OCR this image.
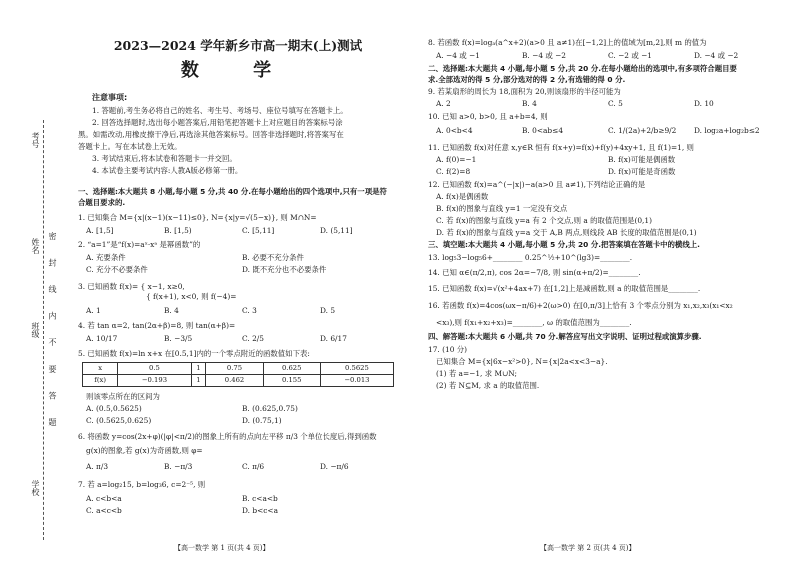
考号
姓名
班级
学校
密 封 线 内 不 要 答 题
2023—2024 学年新乡市高一期末(上)测试
数 学
注意事项:
1. 答题前,考生务必将自己的姓名、考生号、考场号、座位号填写在答题卡上。
2. 回答选择题时,选出每小题答案后,用铅笔把答题卡上对应题目的答案标号涂
黑。如需改动,用橡皮擦干净后,再选涂其他答案标号。回答非选择题时,将答案写在
答题卡上。写在本试卷上无效。
3. 考试结束后,将本试卷和答题卡一并交回。
4. 本试卷主要考试内容:人教A版必修第一册。
一、选择题:本大题共 8 小题,每小题 5 分,共 40 分.在每小题给出的四个选项中,只有一项是符
合题目要求的.
1. 已知集合 M={x|(x−1)(x−11)≤0}, N={x|y=√(5−x)}, 则 M∩N=
A. [1,5]	B. [1,5)	C. [5,11]	D. (5,11]
2. “a=1”是“f(x)=aˣ·xᵃ 是幂函数”的
A. 充要条件	B. 必要不充分条件
C. 充分不必要条件	D. 既不充分也不必要条件
3. 已知函数 f(x)= { x−1, x≥0,
{ f(x+1), x<0, 则 f(−4)=
A. 1	B. 4	C. 3	D. 5
4. 若 tan α=2, tan(2α+β)=8, 则 tan(α+β)=
A. 10/17	B. −3/5	C. 2/5	D. 6/17
5. 已知函数 f(x)=ln x+x 在[0.5,1]内的一个零点附近的函数值如下表:
x	0.5	1	0.75	0.625	0.5625
f(x)	−0.193	1	0.462	0.155	−0.013
则该零点所在的区间为
A. (0.5,0.5625)	B. (0.625,0.75)
C. (0.5625,0.625)	D. (0.75,1)
6. 将函数 y=cos(2x+φ)(|φ|<π/2)的图象上所有的点向左平移 π/3 个单位长度后,得到函数
g(x)的图象,若 g(x)为奇函数,则 φ=
A. π/3	B. −π/3	C. π/6	D. −π/6
7. 若 a=log₂15, b=log₃6, c=2⁻⁵, 则
A. c<b<a	B. c<a<b
C. a<c<b	D. b<c<a
8. 若函数 f(x)=logₐ(a^x+2)(a>0 且 a≠1)在[−1,2]上的值域为[m,2],则 m 的值为
A. −4 或 −1	B. −4 或 −2	C. −2 或 −1	D. −4 或 −2
二、选择题:本大题共 4 小题,每小题 5 分,共 20 分.在每小题给出的选项中,有多项符合题目要
求.全部选对的得 5 分,部分选对的得 2 分,有选错的得 0 分.
9. 若某扇形的周长为 18,面积为 20,则该扇形的半径可能为
A. 2	B. 4	C. 5	D. 10
10. 已知 a>0, b>0, 且 a+b=4, 则
A. 0<b<4	B. 0<ab≤4	C. 1/(2a)+2/b≥9/2	D. log₂a+log₂b≤2
11. 已知函数 f(x)对任意 x,y∈R 恒有 f(x+y)=f(x)+f(y)+4xy+1, 且 f(1)=1, 则
A. f(0)=−1	B. f(x)可能是偶函数
C. f(2)=8	D. f(x)可能是奇函数
12. 已知函数 f(x)=a^(−|x|)−a(a>0 且 a≠1),下列结论正确的是
A. f(x)是偶函数
B. f(x)的图象与直线 y=1 一定没有交点
C. 若 f(x)的图象与直线 y=a 有 2 个交点,则 a 的取值范围是(0,1)
D. 若 f(x)的图象与直线 y=a 交于 A,B 两点,则线段 AB 长度的取值范围是(0,1)
三、填空题:本大题共 4 小题,每小题 5 分,共 20 分.把答案填在答题卡中的横线上.
13. log₅3−log₅6+________ 0.25^½+10^(lg3)=________.
14. 已知 α∈(π/2,π), cos 2α=−7/8, 则 sin(α+π/2)=________.
15. 已知函数 f(x)=√(x²+4ax+7) 在[1,2]上是减函数,则 a 的取值范围是________.
16. 若函数 f(x)=4cos(ωx−π/6)+2(ω>0) 在[0,π/3]上恰有 3 个零点分别为 x₁,x₂,x₃(x₁<x₂
<x₃),则 f(x₁+x₂+x₃)=________, ω 的取值范围为________.
四、解答题:本大题共 6 小题,共 70 分.解答应写出文字说明、证明过程或演算步骤.
17. (10 分)
已知集合 M={x|6x−x²>0}, N={x|2a<x<3−a}.
(1) 若 a=−1, 求 M∪N;
(2) 若 N⊆M, 求 a 的取值范围.
【高一数学 第 1 页(共 4 页)】	【高一数学 第 2 页(共 4 页)】
